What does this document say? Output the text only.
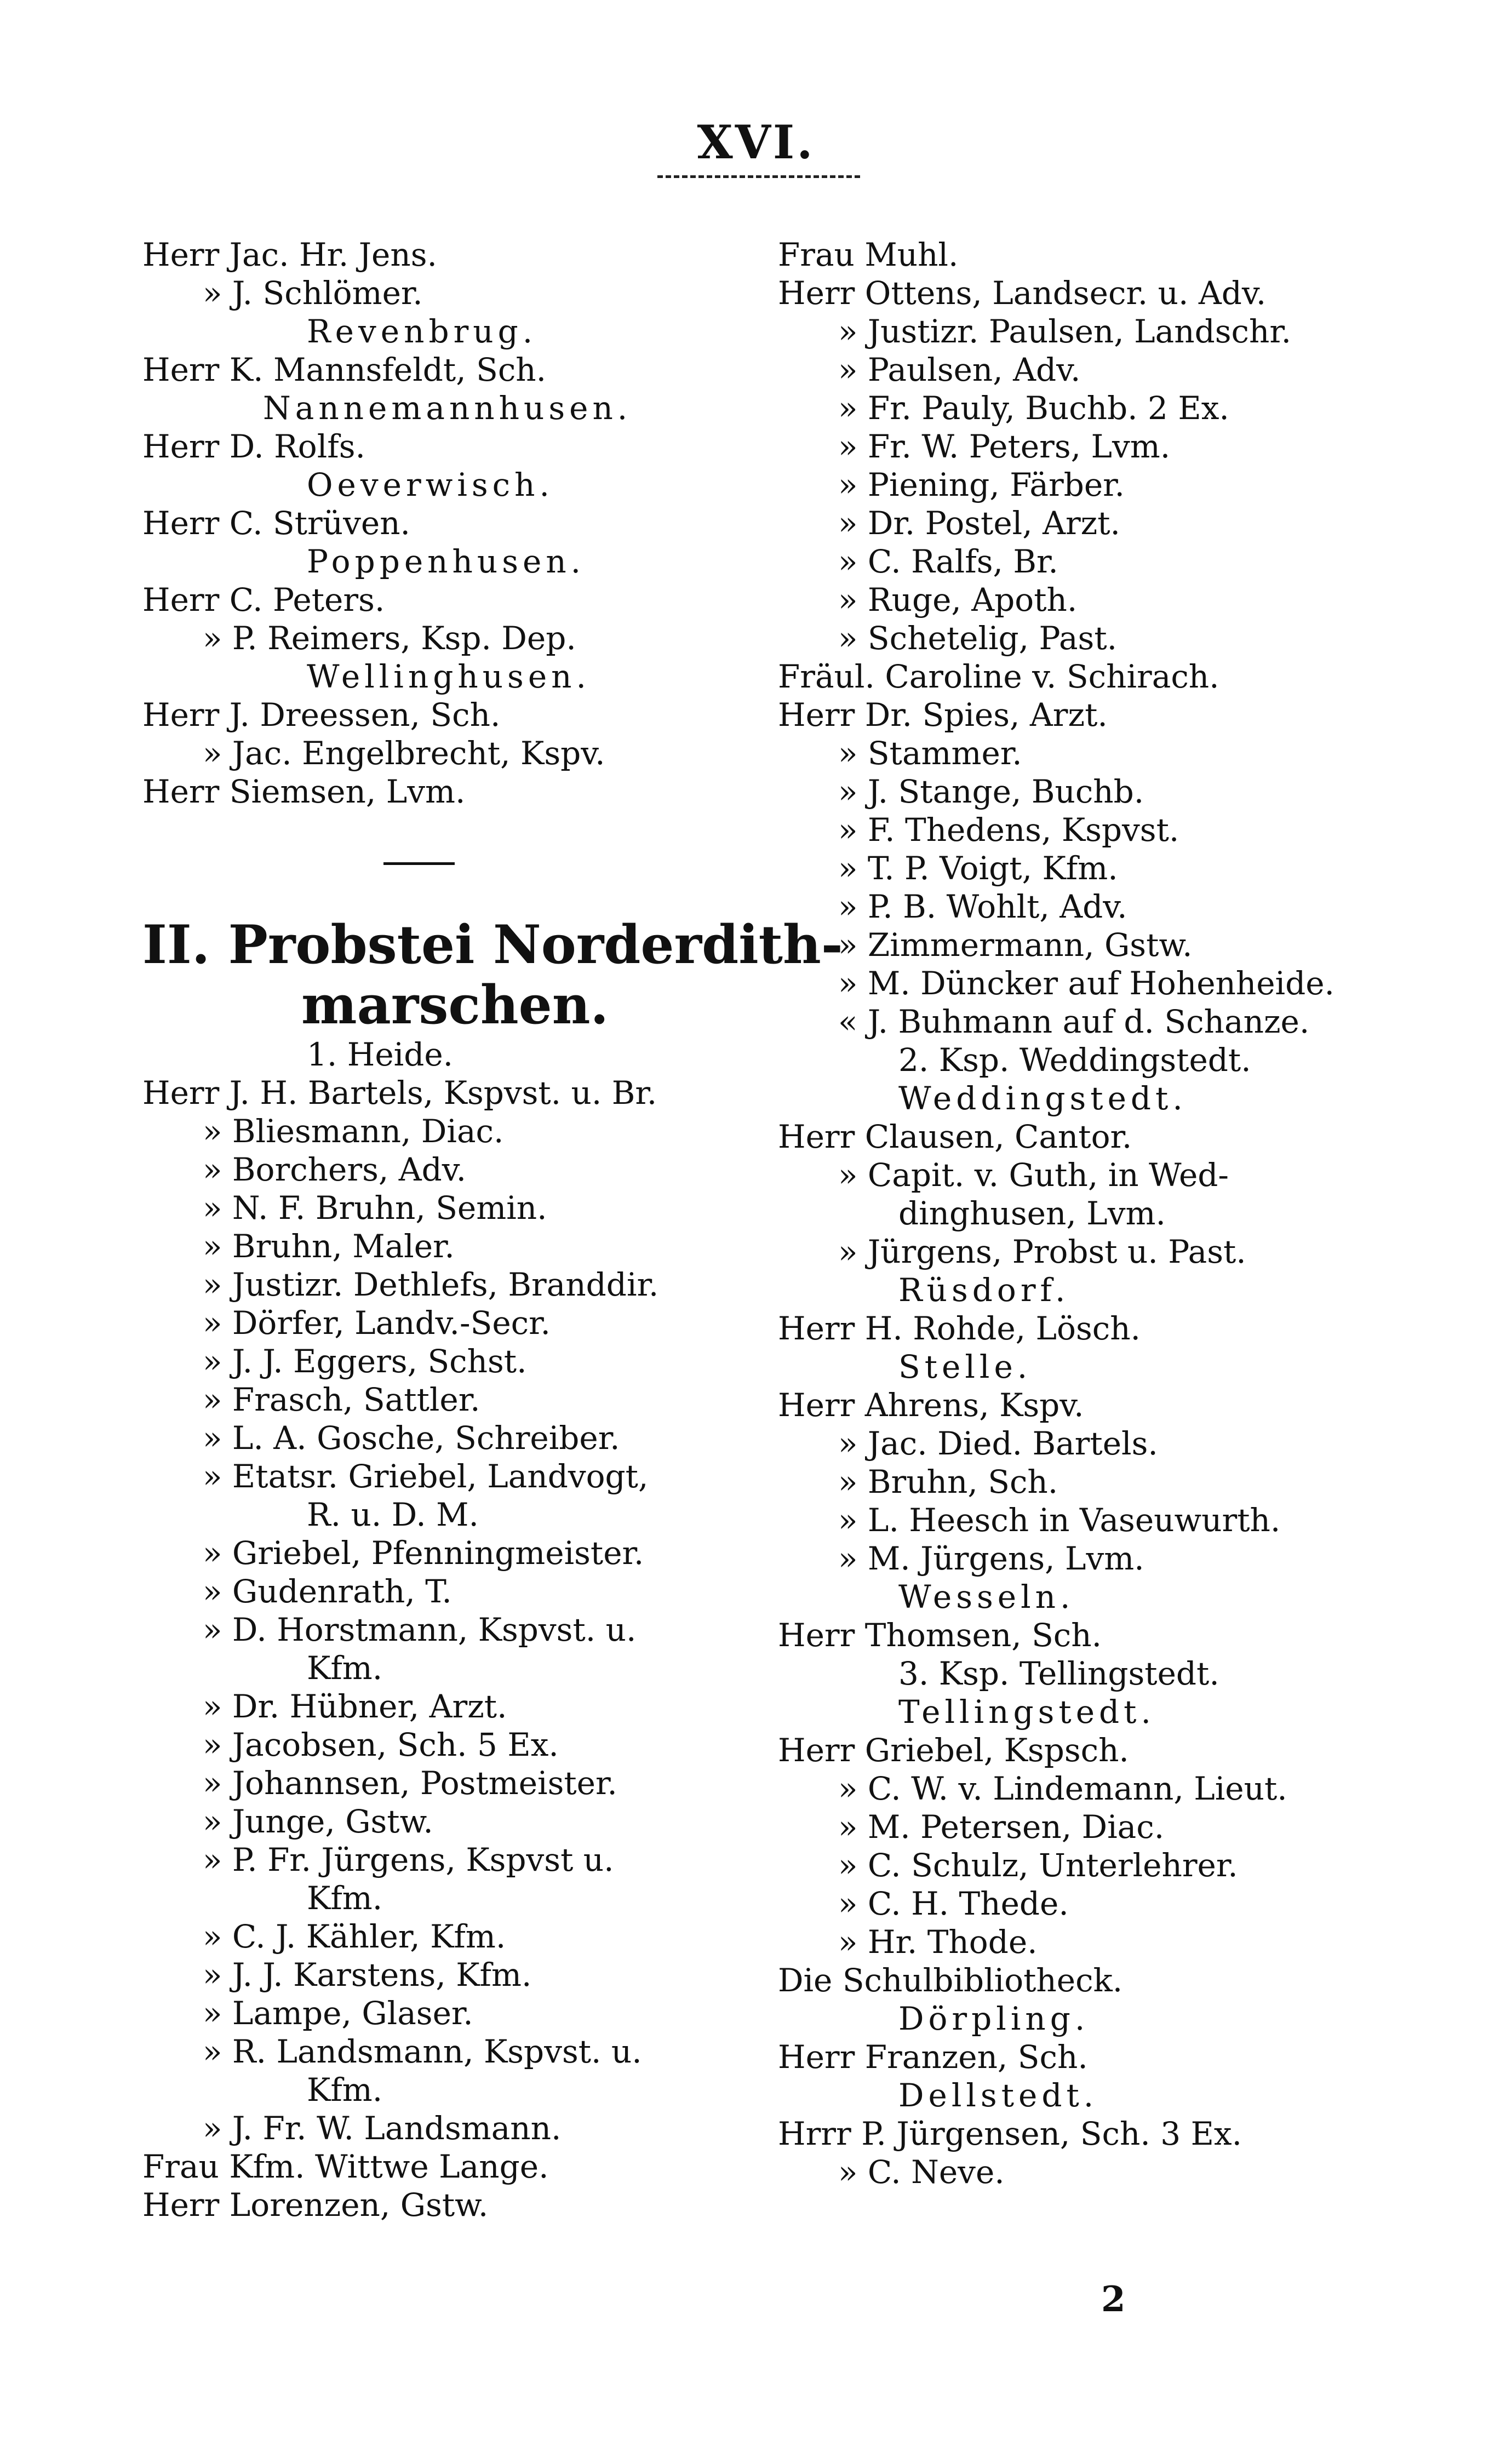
XVI.
Herr Jac. Hr. Jens.
» J. Schlömer.
Revenbrug.
Herr K. Mannsfeldt, Sch.
Nannemannhusen.
Herr D. Rolfs.
Oeverwisch.
Herr C. Strüven.
Poppenhusen.
Herr C. Peters.
» P. Reimers, Ksp. Dep.
Wellinghusen.
Herr J. Dreessen, Sch.
» Jac. Engelbrecht, Kspv.
Herr Siemsen, Lvm.
II. Probstei Norderdith-
marschen.
1. Heide.
Herr J. H. Bartels, Kspvst. u. Br.
» Bliesmann, Diac.
» Borchers, Adv.
» N. F. Bruhn, Semin.
» Bruhn, Maler.
» Justizr. Dethlefs, Branddir.
» Dörfer, Landv.-Secr.
» J. J. Eggers, Schst.
» Frasch, Sattler.
» L. A. Gosche, Schreiber.
» Etatsr. Griebel, Landvogt,
R. u. D. M.
» Griebel, Pfenningmeister.
» Gudenrath, T.
» D. Horstmann, Kspvst. u.
Kfm.
» Dr. Hübner, Arzt.
» Jacobsen, Sch. 5 Ex.
» Johannsen, Postmeister.
» Junge, Gstw.
» P. Fr. Jürgens, Kspvst u.
Kfm.
» C. J. Kähler, Kfm.
» J. J. Karstens, Kfm.
» Lampe, Glaser.
» R. Landsmann, Kspvst. u.
Kfm.
» J. Fr. W. Landsmann.
Frau Kfm. Wittwe Lange.
Herr Lorenzen, Gstw.
Frau Muhl.
Herr Ottens, Landsecr. u. Adv.
» Justizr. Paulsen, Landschr.
» Paulsen, Adv.
» Fr. Pauly, Buchb. 2 Ex.
» Fr. W. Peters, Lvm.
» Piening, Färber.
» Dr. Postel, Arzt.
» C. Ralfs, Br.
» Ruge, Apoth.
» Schetelig, Past.
Fräul. Caroline v. Schirach.
Herr Dr. Spies, Arzt.
» Stammer.
» J. Stange, Buchb.
» F. Thedens, Kspvst.
» T. P. Voigt, Kfm.
» P. B. Wohlt, Adv.
» Zimmermann, Gstw.
» M. Düncker auf Hohenheide.
« J. Buhmann auf d. Schanze.
2. Ksp. Weddingstedt.
Weddingstedt.
Herr Clausen, Cantor.
» Capit. v. Guth, in Wed-
dinghusen, Lvm.
» Jürgens, Probst u. Past.
Rüsdorf.
Herr H. Rohde, Lösch.
Stelle.
Herr Ahrens, Kspv.
» Jac. Died. Bartels.
» Bruhn, Sch.
» L. Heesch in Vaseuwurth.
» M. Jürgens, Lvm.
Wesseln.
Herr Thomsen, Sch.
3. Ksp. Tellingstedt.
Tellingstedt.
Herr Griebel, Kspsch.
» C. W. v. Lindemann, Lieut.
» M. Petersen, Diac.
» C. Schulz, Unterlehrer.
» C. H. Thede.
» Hr. Thode.
Die Schulbibliotheck.
Dörpling.
Herr Franzen, Sch.
Dellstedt.
Hrrr P. Jürgensen, Sch. 3 Ex.
» C. Neve.
2
